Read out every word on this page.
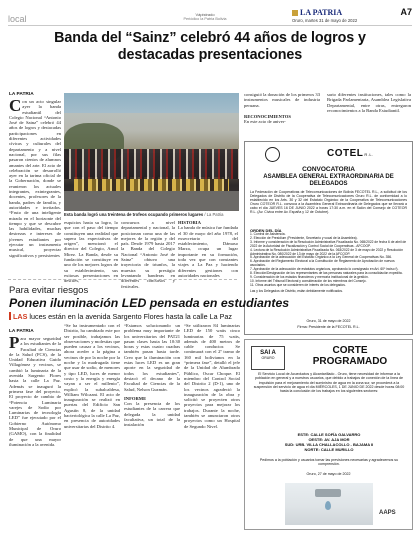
local	Vápistrado
Periódico la Patria Bolivia
LA PATRIA
Oruro, martes 31 de mayo de 2022
A7
Banda del “Sainz” celebró 44 años de logros y destacadas presentaciones
LA PATRIA
C on un acto singular ayer la banda estudiantil del Colegio Nacional “Antonio José de Sainz” celebró 44 años de logros y destacadas participaciones en diferentes actividades cívicas y culturales del departamento y a nivel nacional, por sus filas pasaron cientos de alumnos amantes del arte. El acto de celebración se desarrolló ayer en la tarima oficial de la Gobernación, donde se reunieron los actuales integrantes, exintegrantes, docentes, profesores de la banda, padres de familia, y autoridades e invitados. “Fruto de una inteligente mirada en el horizonte del tiempo y que se descubre las habilidades, muchas destrezas e intereses de jóvenes estudiantes por ejecutar un instrumento musical, proyectar significativos y persistentes
Esta banda logró una treintena de trofeos ocupando primeros lugares / La Patria
esquicios hasta su logro, lo que con el paso del tiempo constituyen una realidad que supera las expectativas de origen”, mencionó el director del Colegio, Arnol Mirez. La Banda, desde su fundación se constituye en uno de los mejores logros de su establecimiento, sus exitosas presentaciones en desfiles,
concursos a nivel departamental y nacional, la posicionan como una de las mejores de la región y del país. Desde 1979 hasta 2017 la Banda del Colegio Nacional “Antonio José de Sainz” obtuvo una trayectoria de triunfos, la muestra su prestigio levantando banderas en diferentes concursos y festivales.
HISTORIA
La banda de música fue fundada el 30 de mayo del año 1978, el exsecretario del establecimiento, Dámaso Marza, ocupa un lugar importante en su formación, toda vez que con constantes viajes a La Paz y haciendo diferentes gestiones con autoridades nacionales
consiguió la donación de los primeros 33 instrumentos musicales de industria peruana.
RECONOCIMIENTOS
En este acto de aniver-
sario diferentes instituciones, tales como la Brigada Parlamentaria, Asamblea Legislativa Departamental, entre otras, entregaron reconocimientos a la Banda Estudiantil.
COTELR.L.
CONVOCATORIA
ASAMBLEA GENERAL EXTRAORDINARIA DE DELEGADOS
La Federación de Cooperativas de Telecomunicaciones de Bolivia FECOTEL R.L., a solicitud de los Delegados de Distrito de la Cooperativa de Telecomunicaciones Oruro R.L. de conformidad a lo establecido en los Arts. 30 y 32 del Estatuto Orgánico de la Cooperativa de Telecomunicaciones Oruro COTEOR R.L. convoca a la Asamblea General Extraordinaria de Delegados que se llevará a cabo el día JUEVES 16 DE JUNIO 2022 a horas 17:30 a.m. en el Salón del Consejo de COTEOR R.L. (Av. Cívica entre Av. España y 12 de Octubre).
ORDEN DEL DÍA
1. Control de Asistencia.
2. Elección de Presidium (Presidente, Secretario y vocal de la Asamblea).
3. Informe y consideración de la Resolución Administrativa Fiscalizada No. 065/2022 de fecha 6 de abril de 2022 de la Autoridad de Fiscalización y Control Social de Cooperativas - AFCOOP.
4. Lectura de la Resolución Administrativa Fiscalizada No. 063/2022 de 3 de mayo de 2022 y Resolución Administrativa No. 080/2022 de 13 de mayo de 2022 de la AFCOOP.
5. Aprobación de la adecuación del Estatuto Orgánico a la Ley General de Cooperativas No. 356.
6. Aprobación del Reglamento Electoral a la Constitución de Reglamento de Aprobación de nuevos asociados.
7. Aprobación de la adecuación de estatutos orgánicos, aprobando lo consignado en Art. 60º inciso f).
8. Elección/Designación de los representantes de las personas naturales para la consolidación expedita.
9. Consideración de los estados financieros y memoria institucional de la gestión.
10. Informe del Tribunal Electoral y consideración de los miembros del Consejo.
11. Otros asuntos que se consideren de interés de los delegados.
Las y los Delegados de Distrito, están debidamente notificados.
Oruro, 31 de mayo de 2022
Firma: Presidente de la FECOTEL R.L.
Para evitar riesgos
Ponen iluminación LED pensada en estudiantes
LAS luces están en la avenida Sargento Flores hasta la calle La Paz
LA PATRIA
P ara mayor seguridad a los estudiantes de la Facultad de Ciencias de la Salud (FCS), de la Unidad Educativa Guido Villagómez y vecinos, se cambió la luminaria de la avenida Sargento Flores hasta la calle La Paz. Además se inauguró la primera fase del proyecto. El proyecto de cambio de “Potencia Luminaria varejes de Sodio por Luminarias de tecnología LED” fue ejecutado por el Gobierno Autónomo Municipal de Oruro (GAMO), con la finalidad de que una mayor iluminación a la avenida.
“Se ha instrumentado con el Distrito, ha cambiado este por ser posible, trabajamos las observaciones y molestias que pueden causar a los vecinos, ahora aceder a la página a vecinos de por la noche por la noche y la madrugada tiene que usar de sodio, de menores y tipo LED, luces de menor costo y la energía y energía vayan a ser el millenio”, explicó la subalcaldesa, William Wilcaani. El acto de inauguración se realizó en puertas del Edificio San Agustín 8, de la unidad bacteriológica la calle La Paz, en presencia de autoridades universitarias del Distrito 4.
“Estamos solucionando un problema muy importante de los universitarios del PAT21 pasan clases hasta las 10:30 horas y estas cuatro cuadras también pasan hasta tarde. Creo que la iluminación con estas luces LED es un gran aporte en la seguridad de todos los estudiantes”, destacó el decano de la Facultad de Ciencias de la Salud, Nelson Guzmán.
INFORME
Con la presencia de los estudiantes de la carrera que delegada la unidad facultativa, un total de la instalación
“Se utilizaron 84 luminarias LED de 150 watts cinco luminarias de 75 watts, además de 400 metros de cable conductor. Se continuará con el 2º tramo de 160 mil bolivianos en la “primera fase”, detalló el jefe de la Unidad de Alumbrado Público, Oscar Choque. El miembro del Control Social del Distrito 2 (D-1), uno de los vecinos agradeció la inauguración de la obra y solicitó se proyecten otros proyectos para mejorar los trabajos. Durante la noche, también se anunciaron otros proyectos como un Hospital de Segundo Nivel.
SAI A
ORURO
CORTE
PROGRAMADO
El Servicio Local de Acueductos y Alcantarillado - Oruro, tiene necesidad de informar a la población en general y a nuestros usuarios, que debido a trabajos de conexión de la línea de impulsión para el mejoramiento del suministro de agua en la zona sur, se procederá a la suspensión del servicio de agua el día MIÉRCOLES, 1 DE JUNIO DE 2022 desde horas 08:00 hasta la conclusión de los trabajos en los siguientes sectores:
ESTE: CALLE SOFÍA GALVARRO
OESTE: AV. AJA MOR
SUD: URB. VILLA CHALLACOLLO - BAJAMA II
NORTE: CALLE MURILLO
Pedimos a la población y usuarios tomar las previsiones necesarias y agradecemos su comprensión.
Oruro, 27 de mayo de 2022
AAPS
